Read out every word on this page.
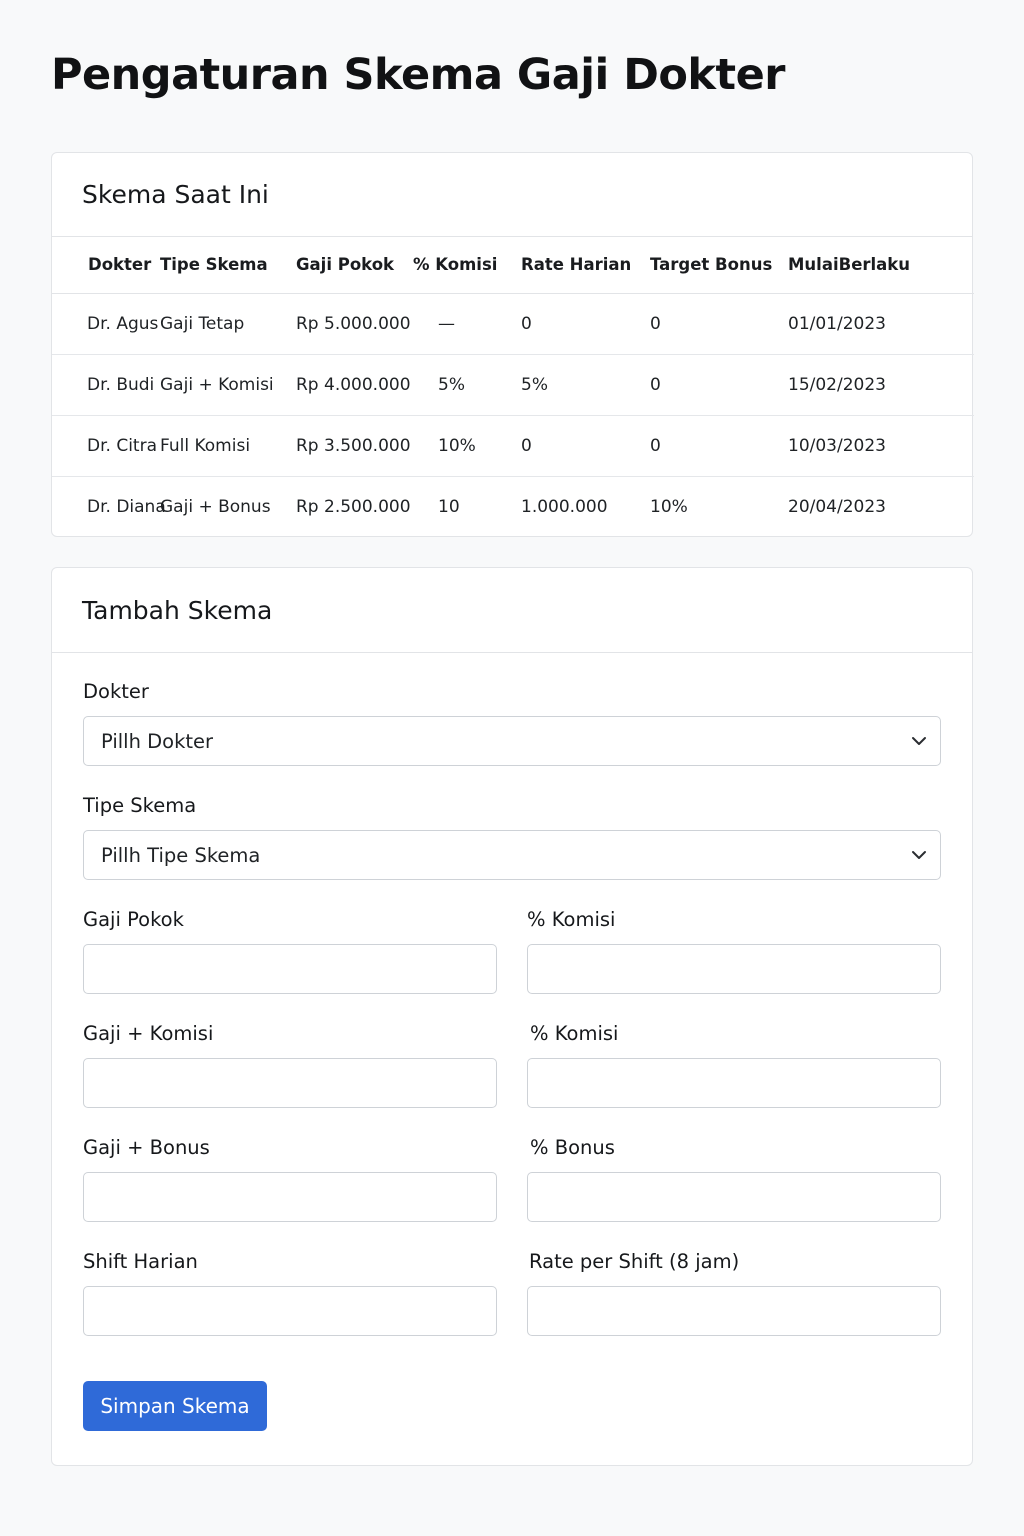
Pengaturan Skema Gaji Dokter
Skema Saat Ini
Dokter	Tipe Skema	Gaji Pokok	% Komisi	Rate Harian	Target Bonus	MulaiBerlaku
Dr. Agus	Gaji Tetap	Rp 5.000.000	—	0	0	01/01/2023
Dr. Budi	Gaji + Komisi	Rp 4.000.000	5%	5%	0	15/02/2023
Dr. Citra	Full Komisi	Rp 3.500.000	10%	0	0	10/03/2023
Dr. Diana	Gaji + Bonus	Rp 2.500.000	10	1.000.000	10%	20/04/2023
Tambah Skema
Dokter
Pillh Dokter
Tipe Skema
Pillh Tipe Skema
Gaji Pokok	% Komisi
Gaji + Komisi	% Komisi
Gaji + Bonus	% Bonus
Shift Harian	Rate per Shift (8 jam)
Simpan Skema
